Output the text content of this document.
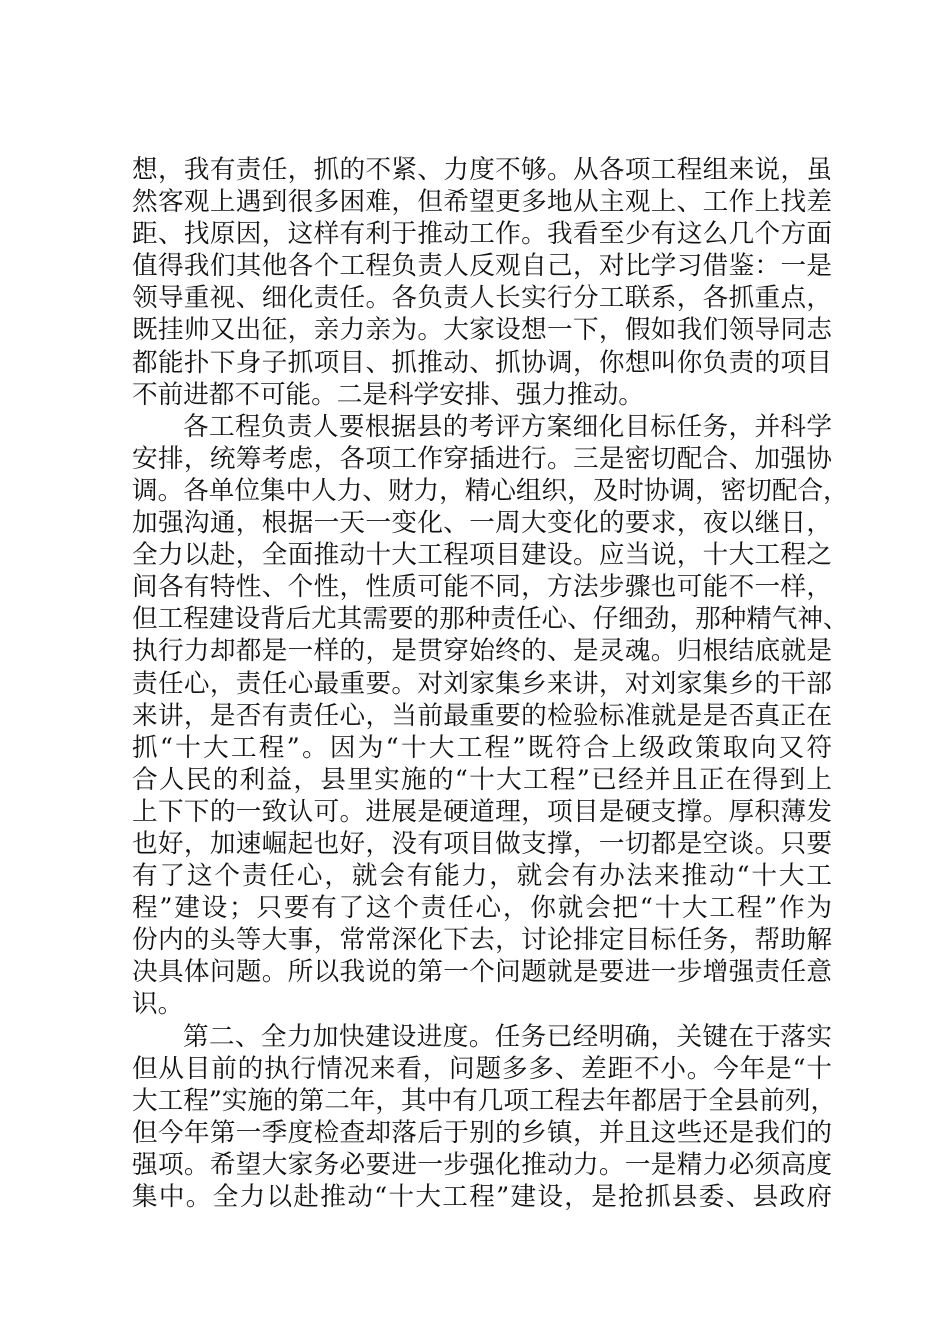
想，我有责任，抓的不紧、力度不够。从各项工程组来说，虽
然客观上遇到很多困难，但希望更多地从主观上、工作上找差
距、找原因，这样有利于推动工作。我看至少有这么几个方面
值得我们其他各个工程负责人反观自己，对比学习借鉴：一是
领导重视、细化责任。各负责人长实行分工联系，各抓重点，
既挂帅又出征，亲力亲为。大家设想一下，假如我们领导同志
都能扑下身子抓项目、抓推动、抓协调，你想叫你负责的项目
不前进都不可能。二是科学安排、强力推动。
各工程负责人要根据县的考评方案细化目标任务，并科学
安排，统筹考虑，各项工作穿插进行。三是密切配合、加强协
调。各单位集中人力、财力，精心组织，及时协调，密切配合，
加强沟通，根据一天一变化、一周大变化的要求，夜以继日，
全力以赴，全面推动十大工程项目建设。应当说，十大工程之
间各有特性、个性，性质可能不同，方法步骤也可能不一样，
但工程建设背后尤其需要的那种责任心、仔细劲，那种精气神、
执行力却都是一样的，是贯穿始终的、是灵魂。归根结底就是
责任心，责任心最重要。对刘家集乡来讲，对刘家集乡的干部
来讲，是否有责任心，当前最重要的检验标准就是是否真正在
抓“十大工程”。因为“十大工程”既符合上级政策取向又符
合人民的利益，县里实施的“十大工程”已经并且正在得到上
上下下的一致认可。进展是硬道理，项目是硬支撑。厚积薄发
也好，加速崛起也好，没有项目做支撑，一切都是空谈。只要
有了这个责任心，就会有能力，就会有办法来推动“十大工
程”建设；只要有了这个责任心，你就会把“十大工程”作为
份内的头等大事，常常深化下去，讨论排定目标任务，帮助解
决具体问题。所以我说的第一个问题就是要进一步增强责任意
识。
第二、全力加快建设进度。任务已经明确，关键在于落实
但从目前的执行情况来看，问题多多、差距不小。今年是“十
大工程”实施的第二年，其中有几项工程去年都居于全县前列，
但今年第一季度检查却落后于别的乡镇，并且这些还是我们的
强项。希望大家务必要进一步强化推动力。一是精力必须高度
集中。全力以赴推动“十大工程”建设，是抢抓县委、县政府
